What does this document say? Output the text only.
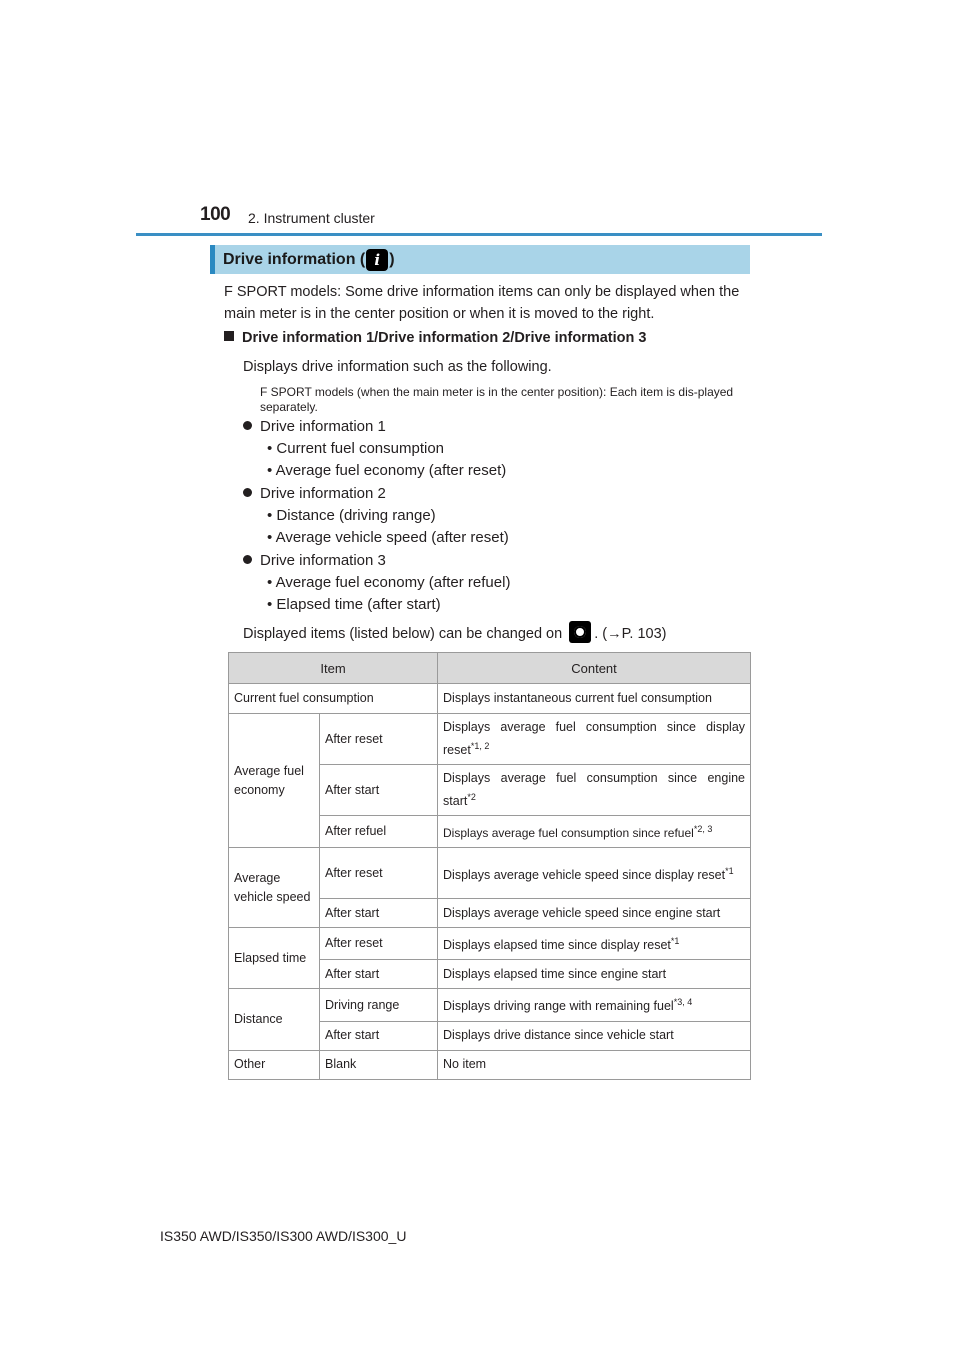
100 2. Instrument cluster
Drive information ( i )
F SPORT models: Some drive information items can only be displayed when the main meter is in the center position or when it is moved to the right.
Drive information 1/Drive information 2/Drive information 3
Displays drive information such as the following.
F SPORT models (when the main meter is in the center position): Each item is dis-played separately.
Drive information 1
• Current fuel consumption
• Average fuel economy (after reset)
Drive information 2
• Distance (driving range)
• Average vehicle speed (after reset)
Drive information 3
• Average fuel economy (after refuel)
• Elapsed time (after start)
Displayed items (listed below) can be changed on . (→P. 103)
Item		Content
Current fuel consumption		Displays instantaneous current fuel consumption
Average fuel economy	After reset	Displays average fuel consumption since display reset$^{*1, 2}$
	After start	Displays average fuel consumption since engine start$^{*2}$
	After refuel	Displays average fuel consumption since refuel$^{*2, 3}$
Average vehicle speed	After reset	Displays average vehicle speed since display reset$^{*1}$
	After start	Displays average vehicle speed since engine start
Elapsed time	After reset	Displays elapsed time since display reset$^{*1}$
	After start	Displays elapsed time since engine start
Distance	Driving range	Displays driving range with remaining fuel$^{*3, 4}$
	After start	Displays drive distance since vehicle start
Other	Blank	No item
IS350 AWD/IS350/IS300 AWD/IS300_U
